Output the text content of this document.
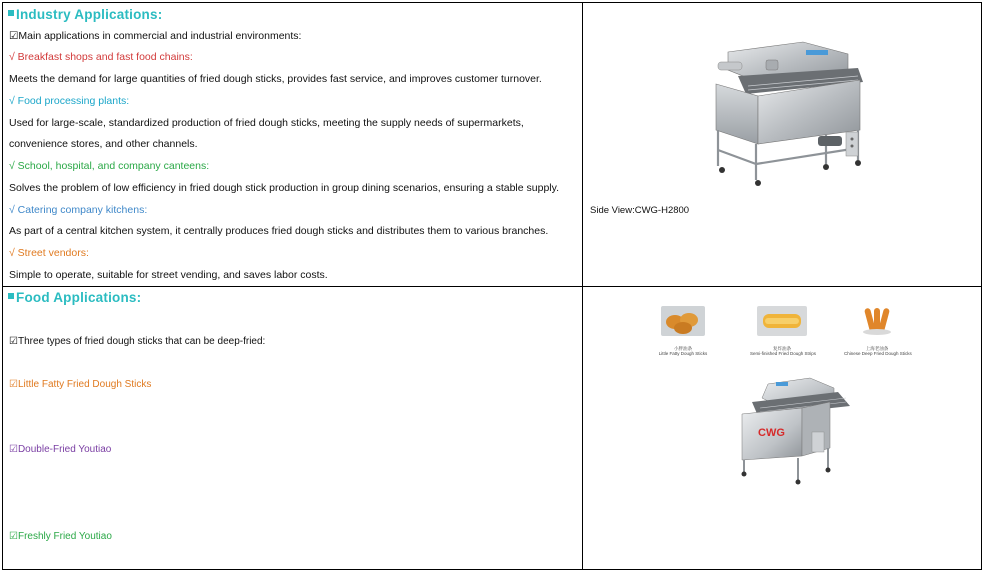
Industry Applications:
☑Main applications in commercial and industrial environments:
√ Breakfast shops and fast food chains:
Meets the demand for large quantities of fried dough sticks, provides fast service, and improves customer turnover.
√ Food processing plants:
Used for large-scale, standardized production of fried dough sticks, meeting the supply needs of supermarkets,
convenience stores, and other channels.
√ School, hospital, and company canteens:
Solves the problem of low efficiency in fried dough stick production in group dining scenarios, ensuring a stable supply.
√ Catering company kitchens:
As part of a central kitchen system, it centrally produces fried dough sticks and distributes them to various branches.
√ Street vendors:
Simple to operate, suitable for street vending, and saves labor costs.
Side View:CWG-H2800
Food Applications:
☑Three types of fried dough sticks that can be deep-fried:
☑Little Fatty Fried Dough Sticks
☑Double-Fried Youtiao
☑Freshly Fried Youtiao
小胖油条
Little Fatty Dough Sticks
复炸油条
Semi-finished Fried Dough Strips
上海老油条
Chinese Deep Fried Dough Sticks
CWG
